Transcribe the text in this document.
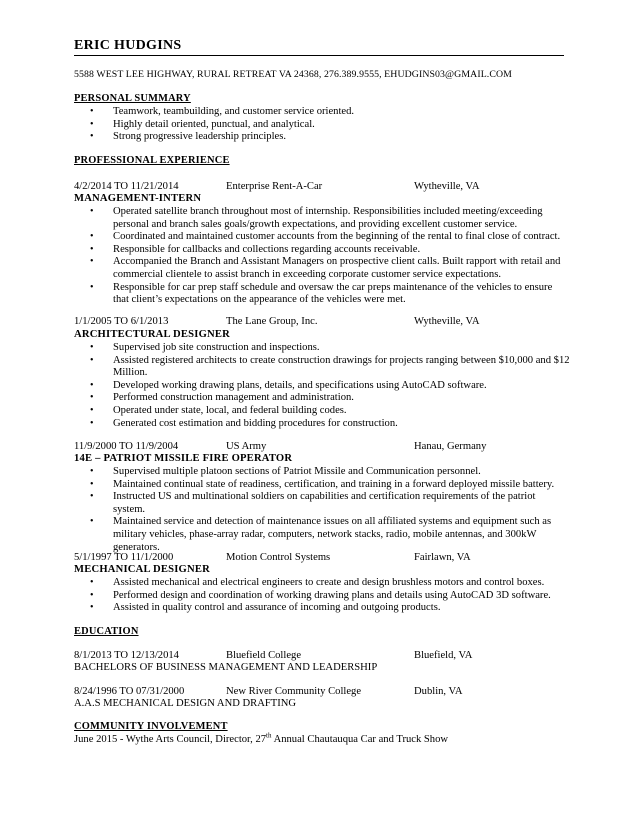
ERIC HUDGINS
5588 WEST LEE HIGHWAY, RURAL RETREAT VA 24368, 276.389.9555, EHUDGINS03@GMAIL.COM
PERSONAL SUMMARY
• Teamwork, teambuilding, and customer service oriented.
• Highly detail oriented, punctual, and analytical.
• Strong progressive leadership principles.
PROFESSIONAL EXPERIENCE
4/2/2014 TO 11/21/2014	Enterprise Rent-A-Car	Wytheville, VA
MANAGEMENT-INTERN
• Operated satellite branch throughout most of internship. Responsibilities included meeting/exceeding personal and branch sales goals/growth expectations, and providing excellent customer service.
• Coordinated and maintained customer accounts from the beginning of the rental to final close of contract.
• Responsible for callbacks and collections regarding accounts receivable.
• Accompanied the Branch and Assistant Managers on prospective client calls. Built rapport with retail and commercial clientele to assist branch in exceeding corporate customer service expectations.
• Responsible for car prep staff schedule and oversaw the car preps maintenance of the vehicles to ensure that client’s expectations on the appearance of the vehicles were met.
1/1/2005 TO 6/1/2013	The Lane Group, Inc.	Wytheville, VA
ARCHITECTURAL DESIGNER
• Supervised job site construction and inspections.
• Assisted registered architects to create construction drawings for projects ranging between $10,000 and $12 Million.
• Developed working drawing plans, details, and specifications using AutoCAD software.
• Performed construction management and administration.
• Operated under state, local, and federal building codes.
• Generated cost estimation and bidding procedures for construction.
11/9/2000 TO 11/9/2004	US Army	Hanau, Germany
14E – PATRIOT MISSILE FIRE OPERATOR
• Supervised multiple platoon sections of Patriot Missile and Communication personnel.
• Maintained continual state of readiness, certification, and training in a forward deployed missile battery.
• Instructed US and multinational soldiers on capabilities and certification requirements of the patriot system.
• Maintained service and detection of maintenance issues on all affiliated systems and equipment such as military vehicles, phase-array radar, computers, network stacks, radio, mobile antennas, and 300kW generators.
5/1/1997 TO 11/1/2000	Motion Control Systems	Fairlawn, VA
MECHANICAL DESIGNER
• Assisted mechanical and electrical engineers to create and design brushless motors and control boxes.
• Performed design and coordination of working drawing plans and details using AutoCAD 3D software.
• Assisted in quality control and assurance of incoming and outgoing products.
EDUCATION
8/1/2013 TO 12/13/2014	Bluefield College	Bluefield, VA
BACHELORS OF BUSINESS MANAGEMENT AND LEADERSHIP
8/24/1996 TO 07/31/2000	New River Community College	Dublin, VA
A.A.S MECHANICAL DESIGN AND DRAFTING
COMMUNITY INVOLVEMENT
June 2015 - Wythe Arts Council, Director, 27th Annual Chautauqua Car and Truck Show
